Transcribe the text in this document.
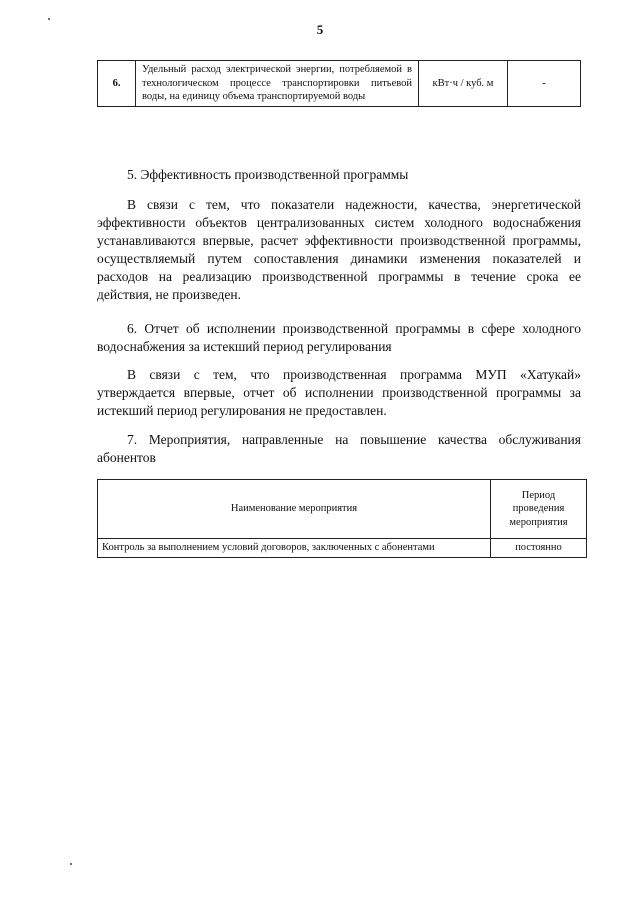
5
6.	Удельный расход электрической энергии, потребляемой в технологическом процессе транспортировки питьевой воды, на единицу объема транспортируемой воды	кВт·ч / куб. м	-

5. Эффективность производственной программы

В связи с тем, что показатели надежности, качества, энергетической эффективности объектов централизованных систем холодного водоснабжения устанавливаются впервые, расчет эффективности производственной программы, осуществляемый путем сопоставления динамики изменения показателей и расходов на реализацию производственной программы в течение срока ее действия, не произведен.

6. Отчет об исполнении производственной программы в сфере холодного водоснабжения за истекший период регулирования

В связи с тем, что производственная программа МУП «Хатукай» утверждается впервые, отчет об исполнении производственной программы за истекший период регулирования не предоставлен.

7. Мероприятия, направленные на повышение качества обслуживания абонентов

Наименование мероприятия	Период проведения мероприятия
Контроль за выполнением условий договоров, заключенных с абонентами	постоянно
